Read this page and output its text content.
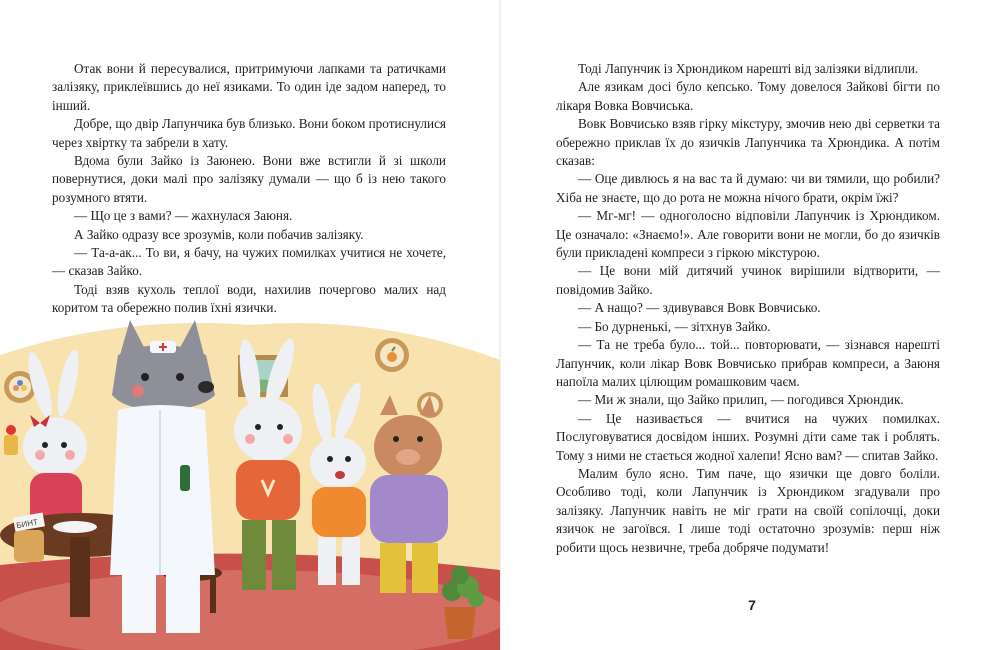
Отак вони й пересувалися, притримуючи лапками та ратичками залізяку, приклеївшись до неї язиками. То один іде задом наперед, то інший.

Добре, що двір Лапунчика був близько. Вони боком протиснулися через хвіртку та забрели в хату.

Вдома були Зайко із Заюнею. Вони вже встигли й зі школи повернутися, доки малі про залізяку думали — що б із нею такого розумного втяти.

— Що це з вами? — жахнулася Заюня.

А Зайко одразу все зрозумів, коли побачив залізяку.

— Та-а-ак... То ви, я бачу, на чужих помилках учитися не хочете, — сказав Зайко.

Тоді взяв кухоль теплої води, нахилив почергово малих над коритом та обережно полив їхні язички.

Тоді Лапунчик із Хрюндиком нарешті від залізяки відлипли.

Але язикам досі було кепсько. Тому довелося Зайкові бігти по лікаря Вовка Вовчиська.

Вовк Вовчисько взяв гірку мікстуру, змочив нею дві серветки та обережно приклав їх до язичків Лапунчика та Хрюндика. А потім сказав:

— Оце дивлюсь я на вас та й думаю: чи ви тямили, що робили? Хіба не знаєте, що до рота не можна нічого брати, окрім їжі?

— Мг-мг! — одноголосно відповіли Лапунчик із Хрюндиком. Це означало: «Знаємо!». Але говорити вони не могли, бо до язичків були прикладені компреси з гіркою мікстурою.

— Це вони мій дитячий учинок вирішили відтворити, — повідомив Зайко.

— А нащо? — здивувався Вовк Вовчисько.

— Бо дурненькі, — зітхнув Зайко.

— Та не треба було... той... повторювати, — зізнався нарешті Лапунчик, коли лікар Вовк Вовчисько прибрав компреси, а Заюня напоїла малих цілющим ромашковим чаєм.

— Ми ж знали, що Зайко прилип, — погодився Хрюндик.

— Це називається — вчитися на чужих помилках. Послуговуватися досвідом інших. Розумні діти саме так і роблять. Тому з ними не стається жодної халепи! Ясно вам? — спитав Зайко.

Малим було ясно. Тим паче, що язички ще довго боліли. Особливо тоді, коли Лапунчик із Хрюндиком згадували про залізяку. Лапунчик навіть не міг грати на своїй сопілочці, доки язичок не загоївся. І лише тоді остаточно зрозумів: перш ніж робити щось незвичне, треба добряче подумати!

7
БИНТ
